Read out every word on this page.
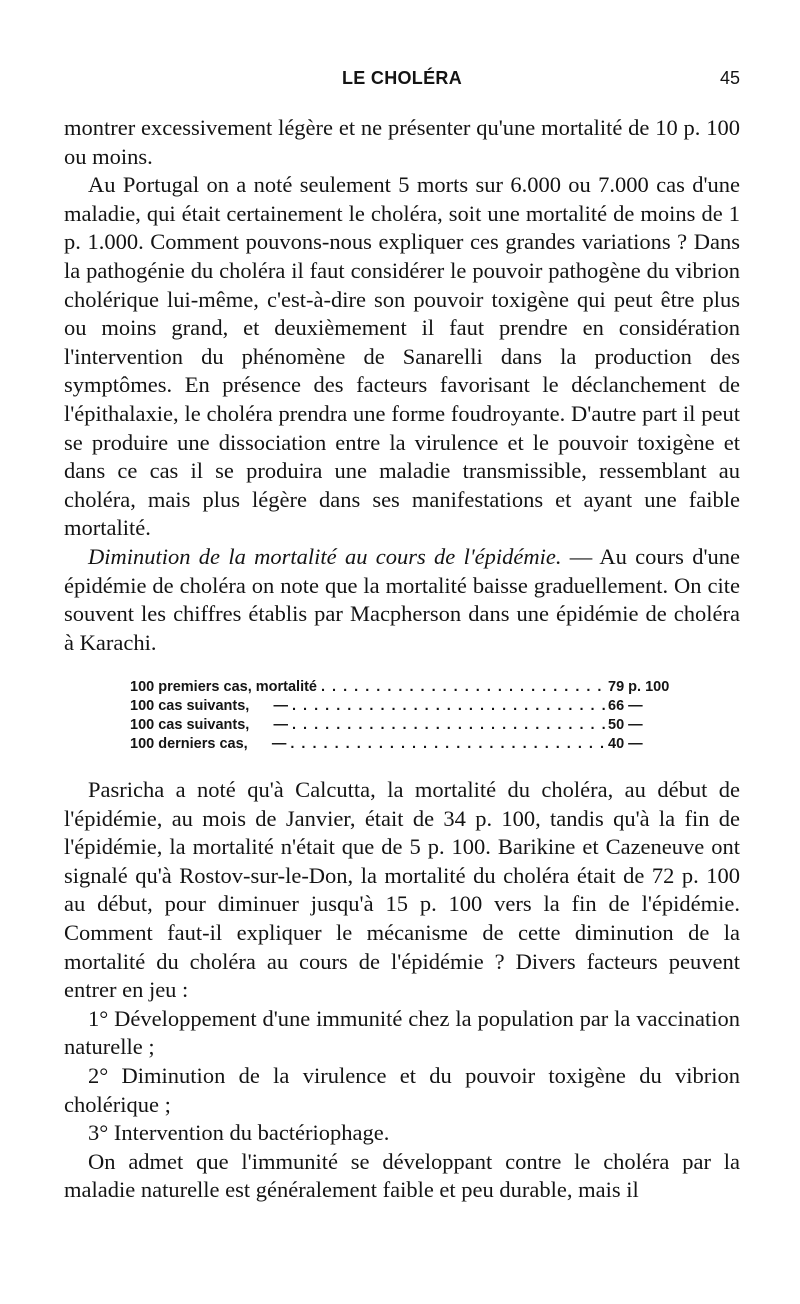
LE CHOLÉRA	45

montrer excessivement légère et ne présenter qu'une mortalité de 10 p. 100 ou moins.

Au Portugal on a noté seulement 5 morts sur 6.000 ou 7.000 cas d'une maladie, qui était certainement le choléra, soit une mortalité de moins de 1 p. 1.000. Comment pouvons-nous expliquer ces grandes variations ? Dans la pathogénie du choléra il faut considérer le pouvoir pathogène du vibrion cholérique lui-même, c'est-à-dire son pouvoir toxigène qui peut être plus ou moins grand, et deuxièmement il faut prendre en considération l'intervention du phénomène de Sanarelli dans la production des symptômes. En présence des facteurs favorisant le déclanchement de l'épithalaxie, le choléra prendra une forme foudroyante. D'autre part il peut se produire une dissociation entre la virulence et le pouvoir toxigène et dans ce cas il se produira une maladie transmissible, ressemblant au choléra, mais plus légère dans ses manifestations et ayant une faible mortalité.

Diminution de la mortalité au cours de l'épidémie. — Au cours d'une épidémie de choléra on note que la mortalité baisse graduellement. On cite souvent les chiffres établis par Macpherson dans une épidémie de choléra à Karachi.

100 premiers cas, mortalité . . .	79 p. 100
100 cas suivants,      — . . .	66 —
100 cas suivants,      — . . .	50 —
100 derniers cas,      — . . .	40 —

Pasricha a noté qu'à Calcutta, la mortalité du choléra, au début de l'épidémie, au mois de Janvier, était de 34 p. 100, tandis qu'à la fin de l'épidémie, la mortalité n'était que de 5 p. 100. Barikine et Cazeneuve ont signalé qu'à Rostov-sur-le-Don, la mortalité du choléra était de 72 p. 100 au début, pour diminuer jusqu'à 15 p. 100 vers la fin de l'épidémie. Comment faut-il expliquer le mécanisme de cette diminution de la mortalité du choléra au cours de l'épidémie ? Divers facteurs peuvent entrer en jeu :

1° Développement d'une immunité chez la population par la vaccination naturelle ;

2° Diminution de la virulence et du pouvoir toxigène du vibrion cholérique ;

3° Intervention du bactériophage.

On admet que l'immunité se développant contre le choléra par la maladie naturelle est généralement faible et peu durable, mais il
